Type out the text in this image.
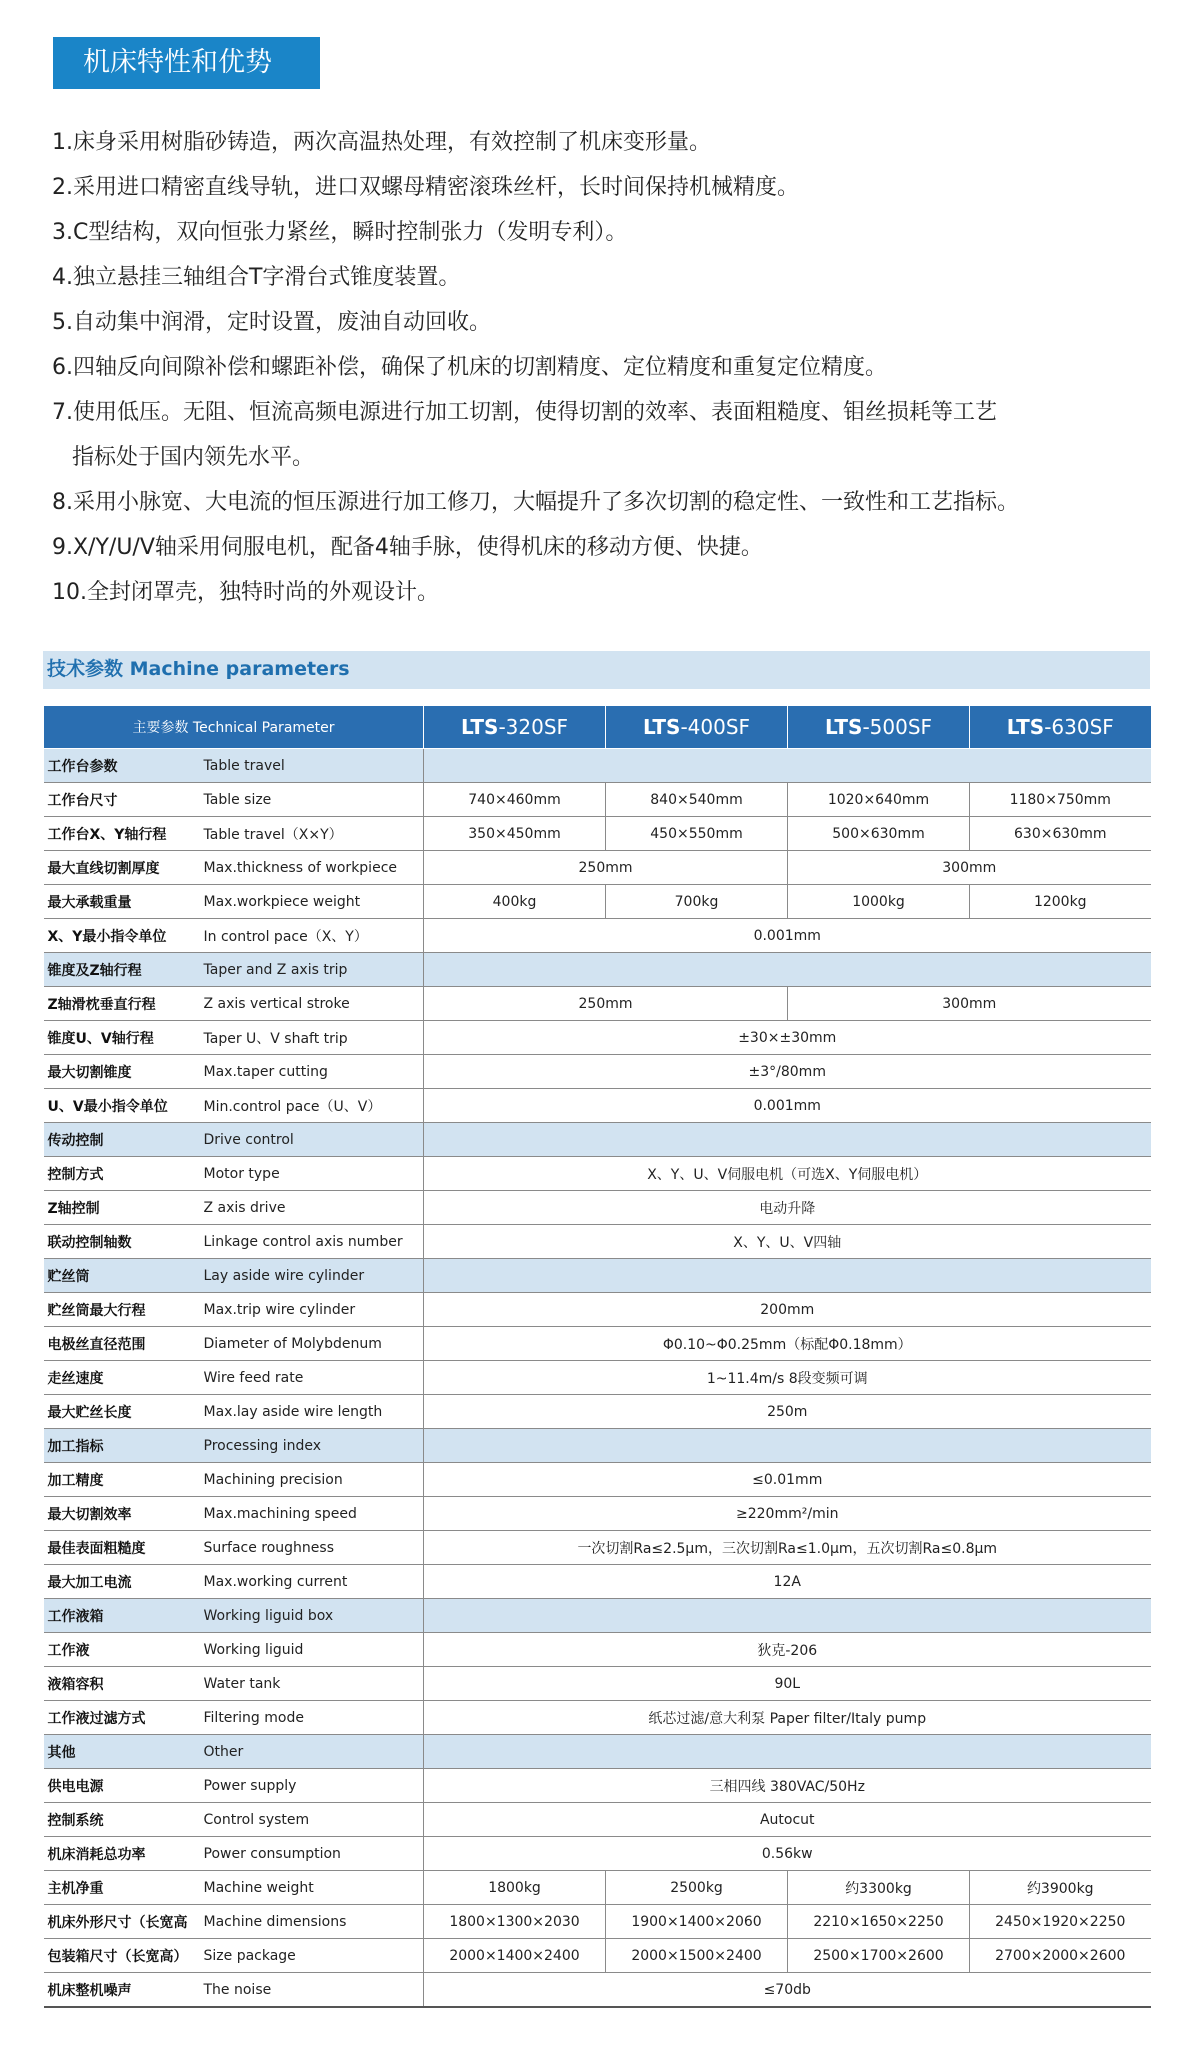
机床特性和优势
1.床身采用树脂砂铸造，两次高温热处理，有效控制了机床变形量。
2.采用进口精密直线导轨，进口双螺母精密滚珠丝杆，长时间保持机械精度。
3.C型结构，双向恒张力紧丝，瞬时控制张力（发明专利）。
4.独立悬挂三轴组合T字滑台式锥度装置。
5.自动集中润滑，定时设置，废油自动回收。
6.四轴反向间隙补偿和螺距补偿，确保了机床的切割精度、定位精度和重复定位精度。
7.使用低压。无阻、恒流高频电源进行加工切割，使得切割的效率、表面粗糙度、钼丝损耗等工艺
指标处于国内领先水平。
8.采用小脉宽、大电流的恒压源进行加工修刀，大幅提升了多次切割的稳定性、一致性和工艺指标。
9.X/Y/U/V轴采用伺服电机，配备4轴手脉，使得机床的移动方便、快捷。
10.全封闭罩壳，独特时尚的外观设计。
技术参数 Machine parameters
主要参数 Technical Parameter		LTS-320SF	LTS-400SF	LTS-500SF	LTS-630SF
工作台参数	Table travel				
工作台尺寸	Table size	740×460mm	840×540mm	1020×640mm	1180×750mm
工作台X、Y轴行程	Table travel（X×Y）	350×450mm	450×550mm	500×630mm	630×630mm
最大直线切割厚度	Max.thickness of workpiece	250mm		300mm	
最大承载重量	Max.workpiece weight	400kg	700kg	1000kg	1200kg
X、Y最小指令单位	In control pace（X、Y）	0.001mm			
锥度及Z轴行程	Taper and Z axis trip				
Z轴滑枕垂直行程	Z axis vertical stroke	250mm		300mm	
锥度U、V轴行程	Taper U、V shaft trip	±30×±30mm			
最大切割锥度	Max.taper cutting	±3°/80mm			
U、V最小指令单位	Min.control pace（U、V）	0.001mm			
传动控制	Drive control				
控制方式	Motor type	X、Y、U、V伺服电机（可选X、Y伺服电机）			
Z轴控制	Z axis drive	电动升降			
联动控制轴数	Linkage control axis number	X、Y、U、V四轴			
贮丝筒	Lay aside wire cylinder				
贮丝筒最大行程	Max.trip wire cylinder	200mm			
电极丝直径范围	Diameter of Molybdenum	Φ0.10~Φ0.25mm（标配Φ0.18mm）			
走丝速度	Wire feed rate	1~11.4m/s 8段变频可调			
最大贮丝长度	Max.lay aside wire length	250m			
加工指标	Processing index				
加工精度	Machining precision	≤0.01mm			
最大切割效率	Max.machining speed	≥220mm²/min			
最佳表面粗糙度	Surface roughness	一次切割Ra≤2.5μm，三次切割Ra≤1.0μm，五次切割Ra≤0.8μm			
最大加工电流	Max.working current	12A			
工作液箱	Working liguid box				
工作液	Working liguid	狄克-206			
液箱容积	Water tank	90L			
工作液过滤方式	Filtering mode	纸芯过滤/意大利泵 Paper filter/Italy pump			
其他	Other				
供电电源	Power supply	三相四线 380VAC/50Hz			
控制系统	Control system	Autocut			
机床消耗总功率	Power consumption	0.56kw			
主机净重	Machine weight	1800kg	2500kg	约3300kg	约3900kg
机床外形尺寸（长宽高	Machine dimensions	1800×1300×2030	1900×1400×2060	2210×1650×2250	2450×1920×2250
包装箱尺寸（长宽高）	Size package	2000×1400×2400	2000×1500×2400	2500×1700×2600	2700×2000×2600
机床整机噪声	The noise	≤70db			
